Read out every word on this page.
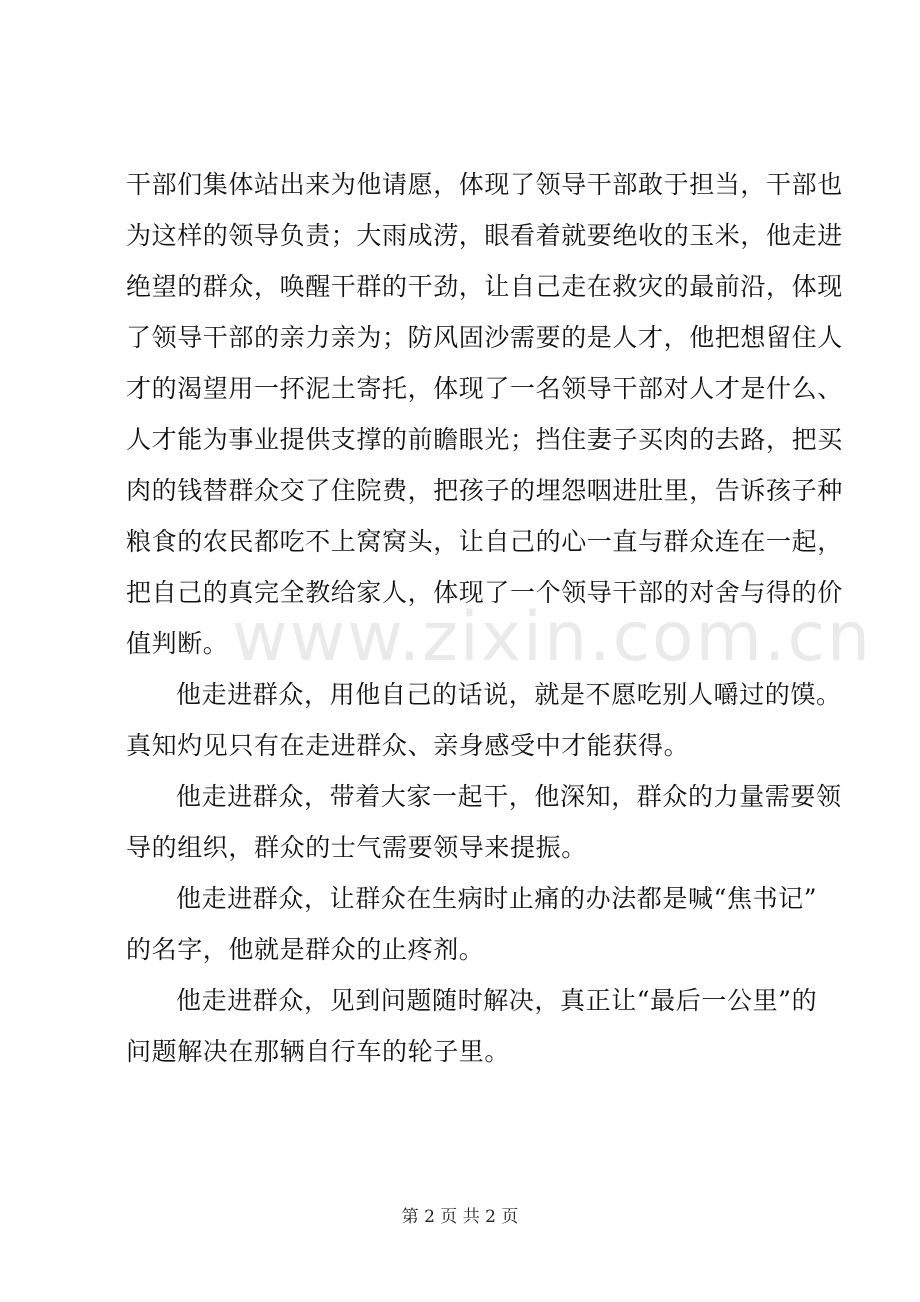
www.zixin.com.cn
干部们集体站出来为他请愿，体现了领导干部敢于担当，干部也
为这样的领导负责；大雨成涝，眼看着就要绝收的玉米，他走进
绝望的群众，唤醒干群的干劲，让自己走在救灾的最前沿，体现
了领导干部的亲力亲为；防风固沙需要的是人才，他把想留住人
才的渴望用一抔泥土寄托，体现了一名领导干部对人才是什么、
人才能为事业提供支撑的前瞻眼光；挡住妻子买肉的去路，把买
肉的钱替群众交了住院费，把孩子的埋怨咽进肚里，告诉孩子种
粮食的农民都吃不上窝窝头，让自己的心一直与群众连在一起，
把自己的真完全教给家人，体现了一个领导干部的对舍与得的价
值判断。
他走进群众，用他自己的话说，就是不愿吃别人嚼过的馍。
真知灼见只有在走进群众、亲身感受中才能获得。
他走进群众，带着大家一起干，他深知，群众的力量需要领
导的组织，群众的士气需要领导来提振。
他走进群众，让群众在生病时止痛的办法都是喊“焦书记”
的名字，他就是群众的止疼剂。
他走进群众，见到问题随时解决，真正让“最后一公里”的
问题解决在那辆自行车的轮子里。
第 2 页 共 2 页
